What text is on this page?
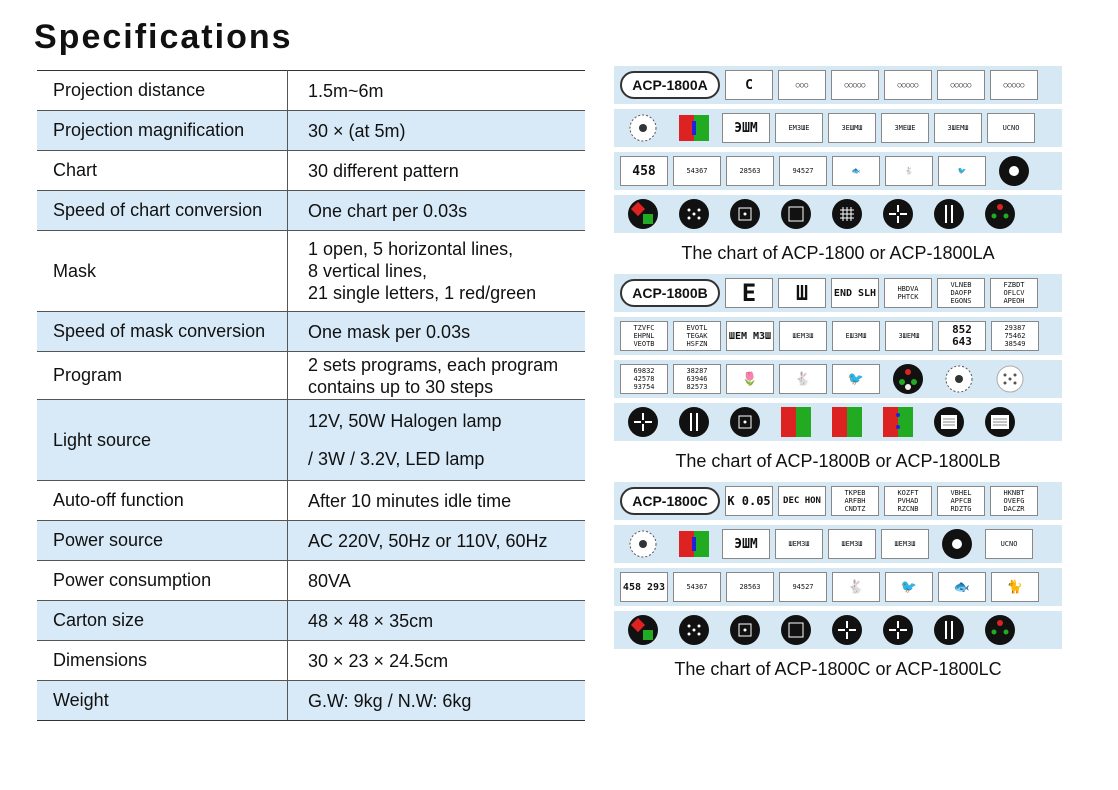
Specifications
Projection distance	1.5m~6m

Projection magnification	30 × (at 5m)

Chart	30 different pattern

Speed of chart conversion	One chart per 0.03s

Mask	1 open, 5 horizontal lines,
8 vertical lines,
21 single letters, 1 red/green

Speed of mask conversion	One mask per 0.03s

Program	2 sets programs, each program
contains up to 30 steps

Light source	12V, 50W Halogen lamp
/ 3W / 3.2V, LED lamp

Auto-off function	After 10 minutes idle time

Power source	AC 220V, 50Hz or 110V, 60Hz

Power consumption	80VA

Carton size	48 × 48 × 35cm

Dimensions	30 × 23 × 24.5cm

Weight	G.W: 9kg / N.W: 6kg
ACP-1800A	C	○○○	○○○○○	○○○○○	○○○○○	○○○○○
ЭШМ	ЕМЗШЕ	ЗЕШМШ	ЗМЕШЕ	ЗШЕМШ	UCNO
458	54367	28563	94527	🐟	🐇	🐦
The chart of ACP-1800 or ACP-1800LA
ACP-1800B	E	Ш	END SLH	HBDVA PHTCK
VLNEB DAOFP EGONS
FZBDT OFLCV APEOH
TZVFC EHPNL VEOTB
EVOTL TEGAK HSFZN
ШЕМ МЗШ	ШЕМЗШ	ЕШЗМШ	ЗШЕМШ	852 643
29387 75462 38549
69832 42578 93754
38287 63946 82573
🌷	🐇	🐦
The chart of ACP-1800B or ACP-1800LB
ACP-1800C	K 0.05	DEC HON
TKPEB ARFBH CNDTZ
KOZFT PVHAD RZCNB
VBHEL APFCB RDZTG
HKNBT OVEFG DACZR
ЭШМ	ШЕМЗШ	ШЕМЗШ	ШЕМЗШ	UCNO
458 293	54367	28563	94527	🐇	🐦	🐟	🐈
The chart of ACP-1800C or ACP-1800LC
